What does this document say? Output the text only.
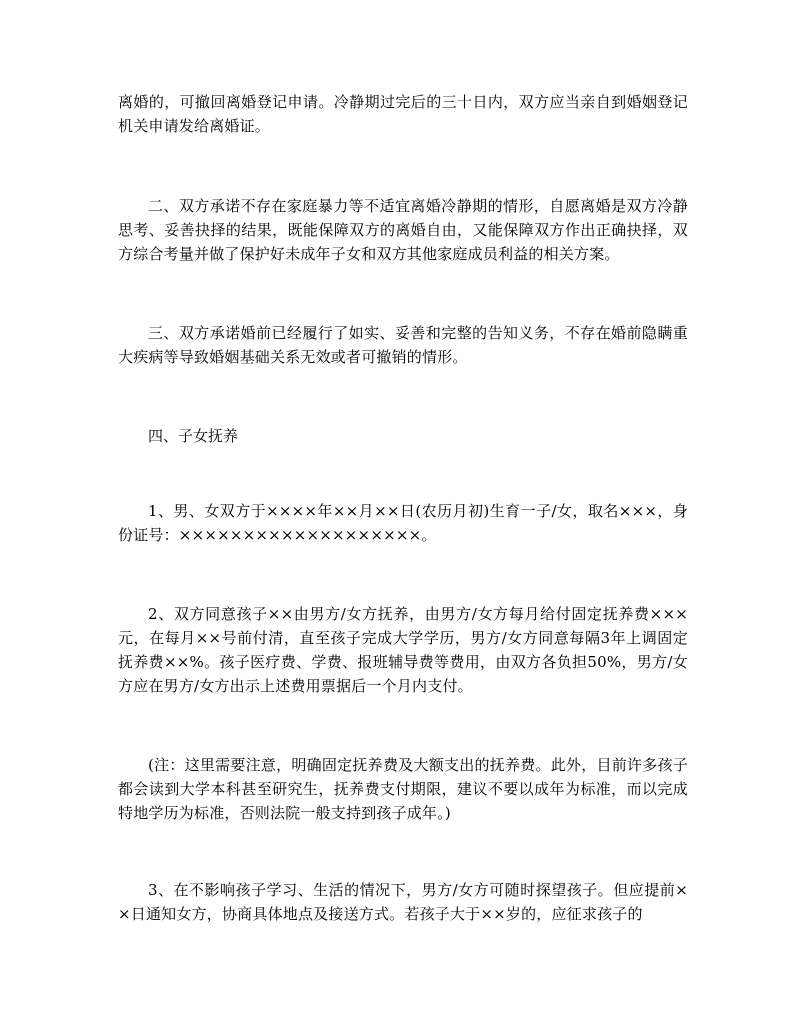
离婚的，可撤回离婚登记申请。冷静期过完后的三十日内，双方应当亲自到婚姻登记机关申请发给离婚证。

二、双方承诺不存在家庭暴力等不适宜离婚冷静期的情形，自愿离婚是双方冷静思考、妥善抉择的结果，既能保障双方的离婚自由，又能保障双方作出正确抉择，双方综合考量并做了保护好未成年子女和双方其他家庭成员利益的相关方案。

三、双方承诺婚前已经履行了如实、妥善和完整的告知义务，不存在婚前隐瞒重大疾病等导致婚姻基础关系无效或者可撤销的情形。

四、子女抚养

1、男、女双方于××××年××月××日(农历月初)生育一子/女，取名×××，身份证号：×××××××××××××××××××。

2、双方同意孩子××由男方/女方抚养，由男方/女方每月给付固定抚养费×××元，在每月××号前付清，直至孩子完成大学学历，男方/女方同意每隔3年上调固定抚养费××%。孩子医疗费、学费、报班辅导费等费用，由双方各负担50%，男方/女方应在男方/女方出示上述费用票据后一个月内支付。

(注：这里需要注意，明确固定抚养费及大额支出的抚养费。此外，目前许多孩子都会读到大学本科甚至研究生，抚养费支付期限，建议不要以成年为标准，而以完成特地学历为标准，否则法院一般支持到孩子成年。)

3、在不影响孩子学习、生活的情况下，男方/女方可随时探望孩子。但应提前××日通知女方，协商具体地点及接送方式。若孩子大于××岁的，应征求孩子的
